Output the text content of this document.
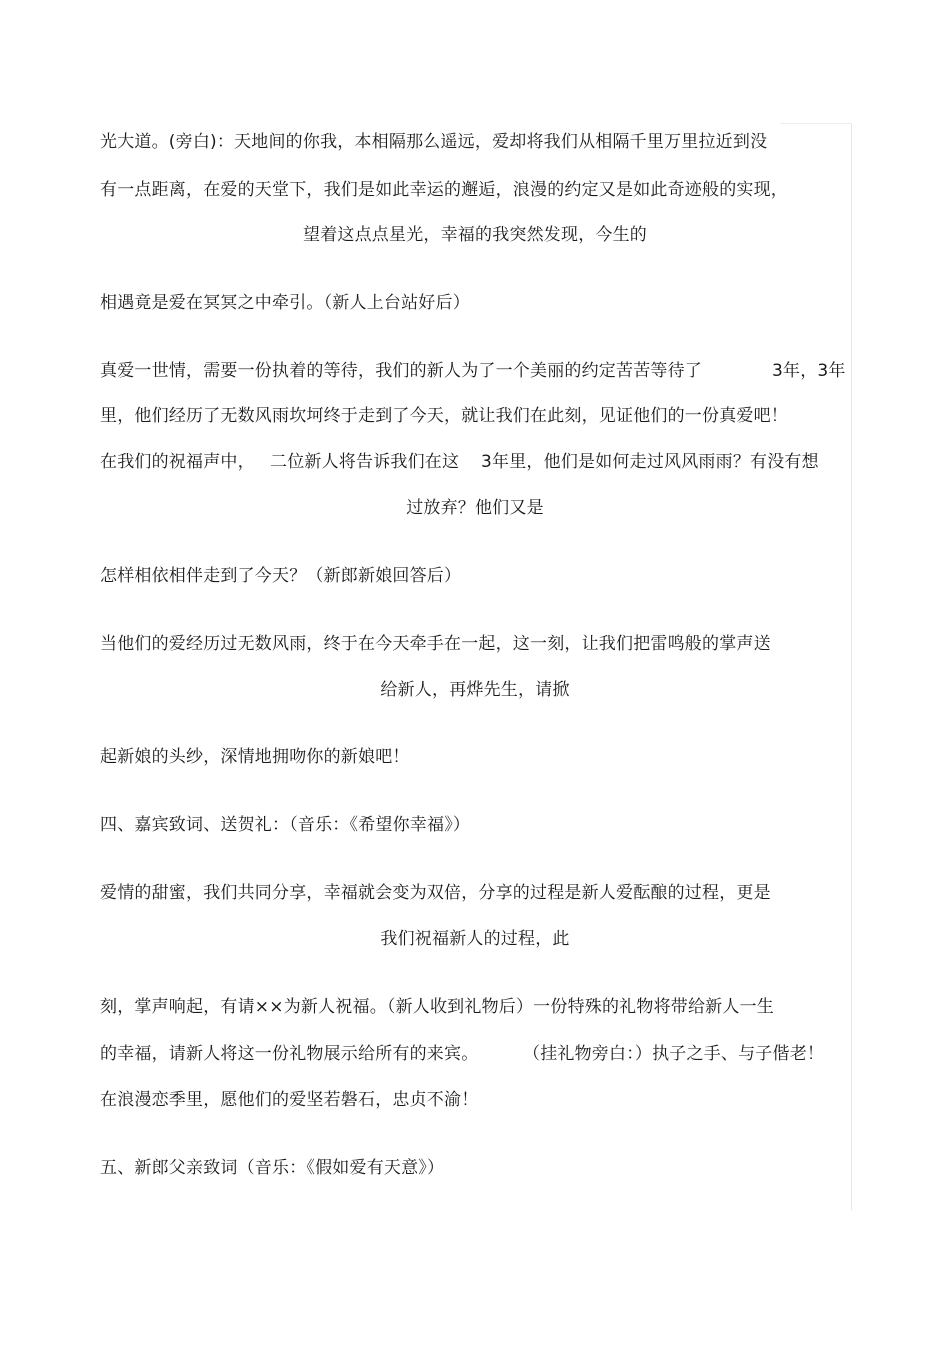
光大道。(旁白)：天地间的你我，本相隔那么遥远，爱却将我们从相隔千里万里拉近到没
有一点距离，在爱的天堂下，我们是如此幸运的邂逅，浪漫的约定又是如此奇迹般的实现，
望着这点点星光，幸福的我突然发现，今生的
相遇竟是爱在冥冥之中牵引。（新人上台站好后）
真爱一世情，需要一份执着的等待，我们的新人为了一个美丽的约定苦苦等待了	3年，3年
里，他们经历了无数风雨坎坷终于走到了今天，就让我们在此刻，见证他们的一份真爱吧！
在我们的祝福声中， 二位新人将告诉我们在这 3年里，他们是如何走过风风雨雨？有没有想
过放弃？他们又是
怎样相依相伴走到了今天？（新郎新娘回答后）
当他们的爱经历过无数风雨，终于在今天牵手在一起，这一刻，让我们把雷鸣般的掌声送
给新人，再烨先生，请掀
起新娘的头纱，深情地拥吻你的新娘吧！
四、嘉宾致词、送贺礼：（音乐：《希望你幸福》）
爱情的甜蜜，我们共同分享，幸福就会变为双倍，分享的过程是新人爱酝酿的过程，更是
我们祝福新人的过程，此
刻，掌声响起，有请××为新人祝福。（新人收到礼物后）一份特殊的礼物将带给新人一生
的幸福，请新人将这一份礼物展示给所有的来宾。	（挂礼物旁白：）执子之手、与子偕老！
在浪漫恋季里，愿他们的爱坚若磐石，忠贞不渝！
五、新郎父亲致词（音乐：《假如爱有天意》）
